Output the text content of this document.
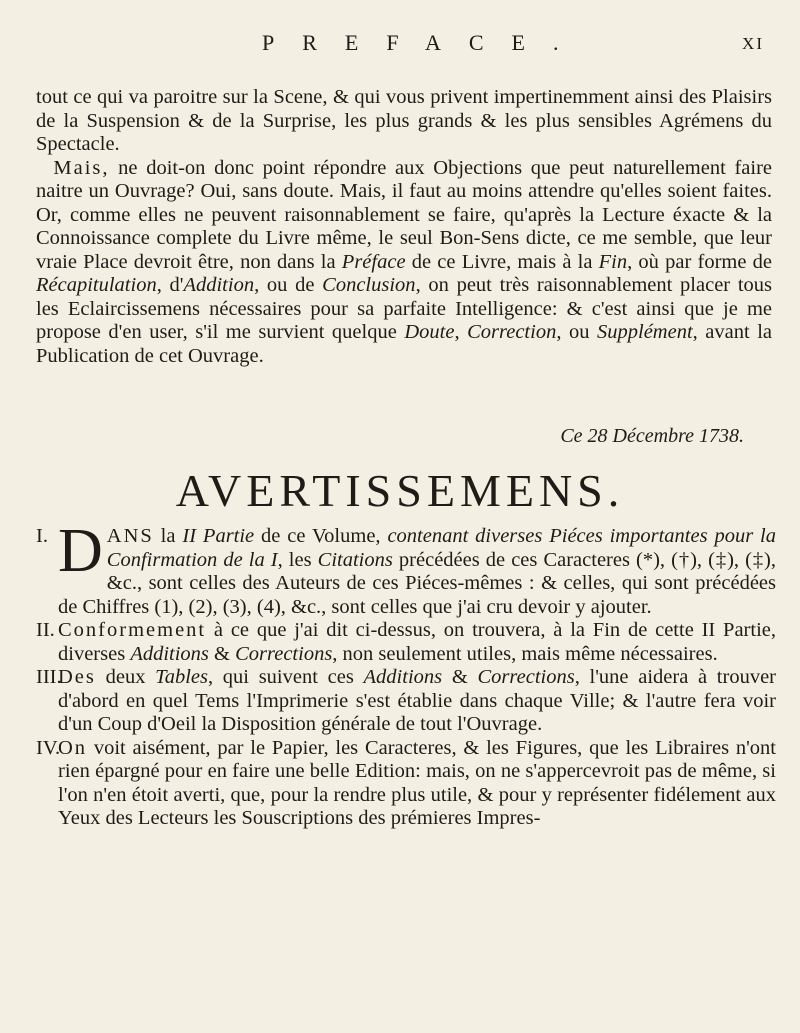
PREFACE.	XI

tout ce qui va paroitre sur la Scene, & qui vous privent impertinemment ainsi des Plaisirs de la Suspension & de la Surprise, les plus grands & les plus sensibles Agrémens du Spectacle.

Mais, ne doit-on donc point répondre aux Objections que peut naturellement faire naitre un Ouvrage? Oui, sans doute. Mais, il faut au moins attendre qu'elles soient faites. Or, comme elles ne peuvent raisonnablement se faire, qu'après la Lecture éxacte & la Connoissance complete du Livre même, le seul Bon-Sens dicte, ce me semble, que leur vraie Place devroit être, non dans la Préface de ce Livre, mais à la Fin, où par forme de Récapitulation, d'Addition, ou de Conclusion, on peut très raisonnablement placer tous les Eclaircissemens nécessaires pour sa parfaite Intelligence: & c'est ainsi que je me propose d'en user, s'il me survient quelque Doute, Correction, ou Supplément, avant la Publication de cet Ouvrage.

Ce 28 Décembre 1738.
AVERTISSEMENS.
I. D ANS la II Partie de ce Volume, contenant diverses Piéces importantes pour la Confirmation de la I, les Citations précédées de ces Caracteres (*), (†), (‡), (‡), &c., sont celles des Auteurs de ces Piéces-mêmes : & celles, qui sont précédées de Chiffres (1), (2), (3), (4), &c., sont celles que j'ai cru devoir y ajouter.
II. Conformement à ce que j'ai dit ci-dessus, on trouvera, à la Fin de cette II Partie, diverses Additions & Corrections, non seulement utiles, mais même nécessaires.
III.
Des deux Tables, qui suivent ces Additions & Corrections, l'une aidera à trouver d'abord en quel Tems l'Imprimerie s'est établie dans chaque Ville; & l'autre fera voir d'un Coup d'Oeil la Disposition générale de tout l'Ouvrage.
IV.
On voit aisément, par le Papier, les Caracteres, & les Figures, que les Libraires n'ont rien épargné pour en faire une belle Edition: mais, on ne s'appercevroit pas de même, si l'on n'en étoit averti, que, pour la rendre plus utile, & pour y représenter fidélement aux Yeux des Lecteurs les Souscriptions des prémieres Impres-
